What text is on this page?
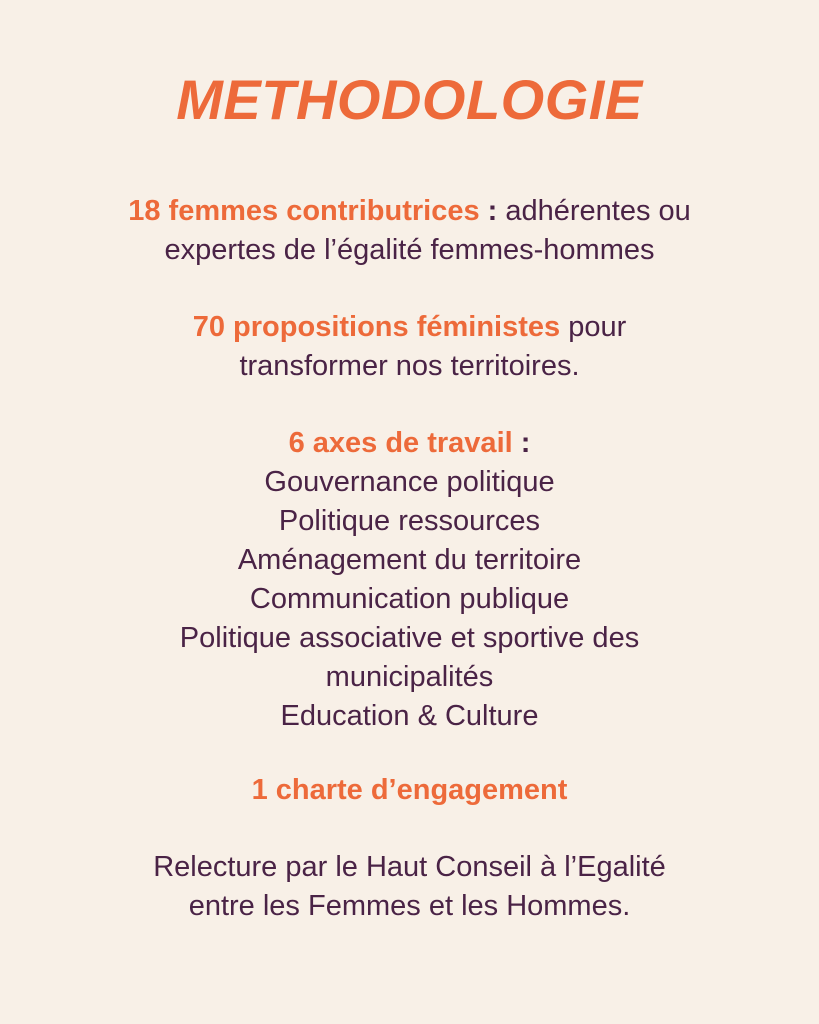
METHODOLOGIE

18 femmes contributrices : adhérentes ou
expertes de l’égalité femmes-hommes

70 propositions féministes pour
transformer nos territoires.

6 axes de travail :
Gouvernance politique
Politique ressources
Aménagement du territoire
Communication publique
Politique associative et sportive des
municipalités
Education & Culture

1 charte d’engagement

Relecture par le Haut Conseil à l’Egalité
entre les Femmes et les Hommes.
